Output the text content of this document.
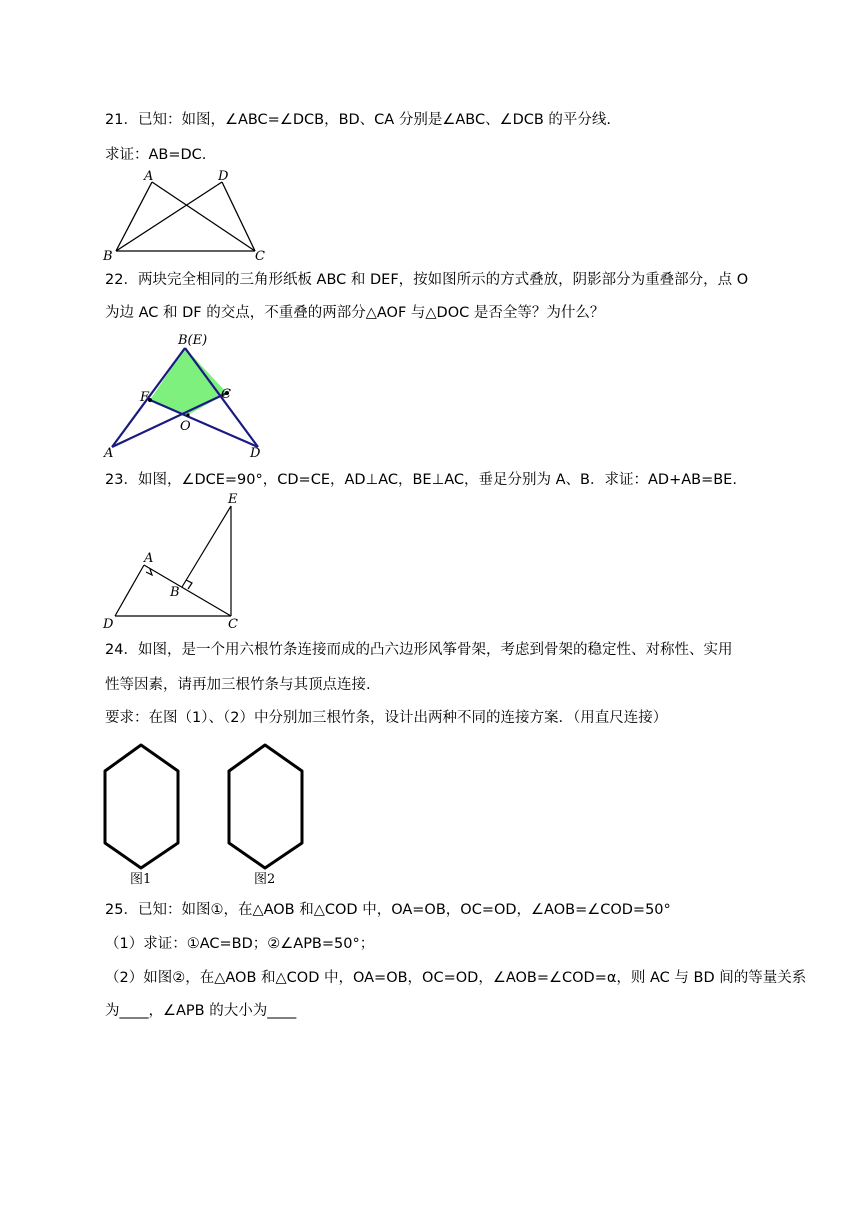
21．已知：如图，∠ABC=∠DCB，BD、CA 分别是∠ABC、∠DCB 的平分线.
求证：AB=DC.
A	D
B	C
22．两块完全相同的三角形纸板 ABC 和 DEF，按如图所示的方式叠放，阴影部分为重叠部分，点 O
为边 AC 和 DF 的交点，不重叠的两部分△AOF 与△DOC 是否全等？为什么？
B(E)
F	C
O
A	D
23．如图，∠DCE=90°，CD=CE，AD⊥AC，BE⊥AC，垂足分别为 A、B．求证：AD+AB=BE.
E
A
B
D	C
24．如图，是一个用六根竹条连接而成的凸六边形风筝骨架，考虑到骨架的稳定性、对称性、实用
性等因素，请再加三根竹条与其顶点连接.
要求：在图（1）、（2）中分别加三根竹条，设计出两种不同的连接方案．（用直尺连接）
图1	图2
25．已知：如图①，在△AOB 和△COD 中，OA=OB，OC=OD，∠AOB=∠COD=50°
（1）求证：①AC=BD；②∠APB=50°；
（2）如图②，在△AOB 和△COD 中，OA=OB，OC=OD，∠AOB=∠COD=α，则 AC 与 BD 间的等量关系
为____，∠APB 的大小为____
